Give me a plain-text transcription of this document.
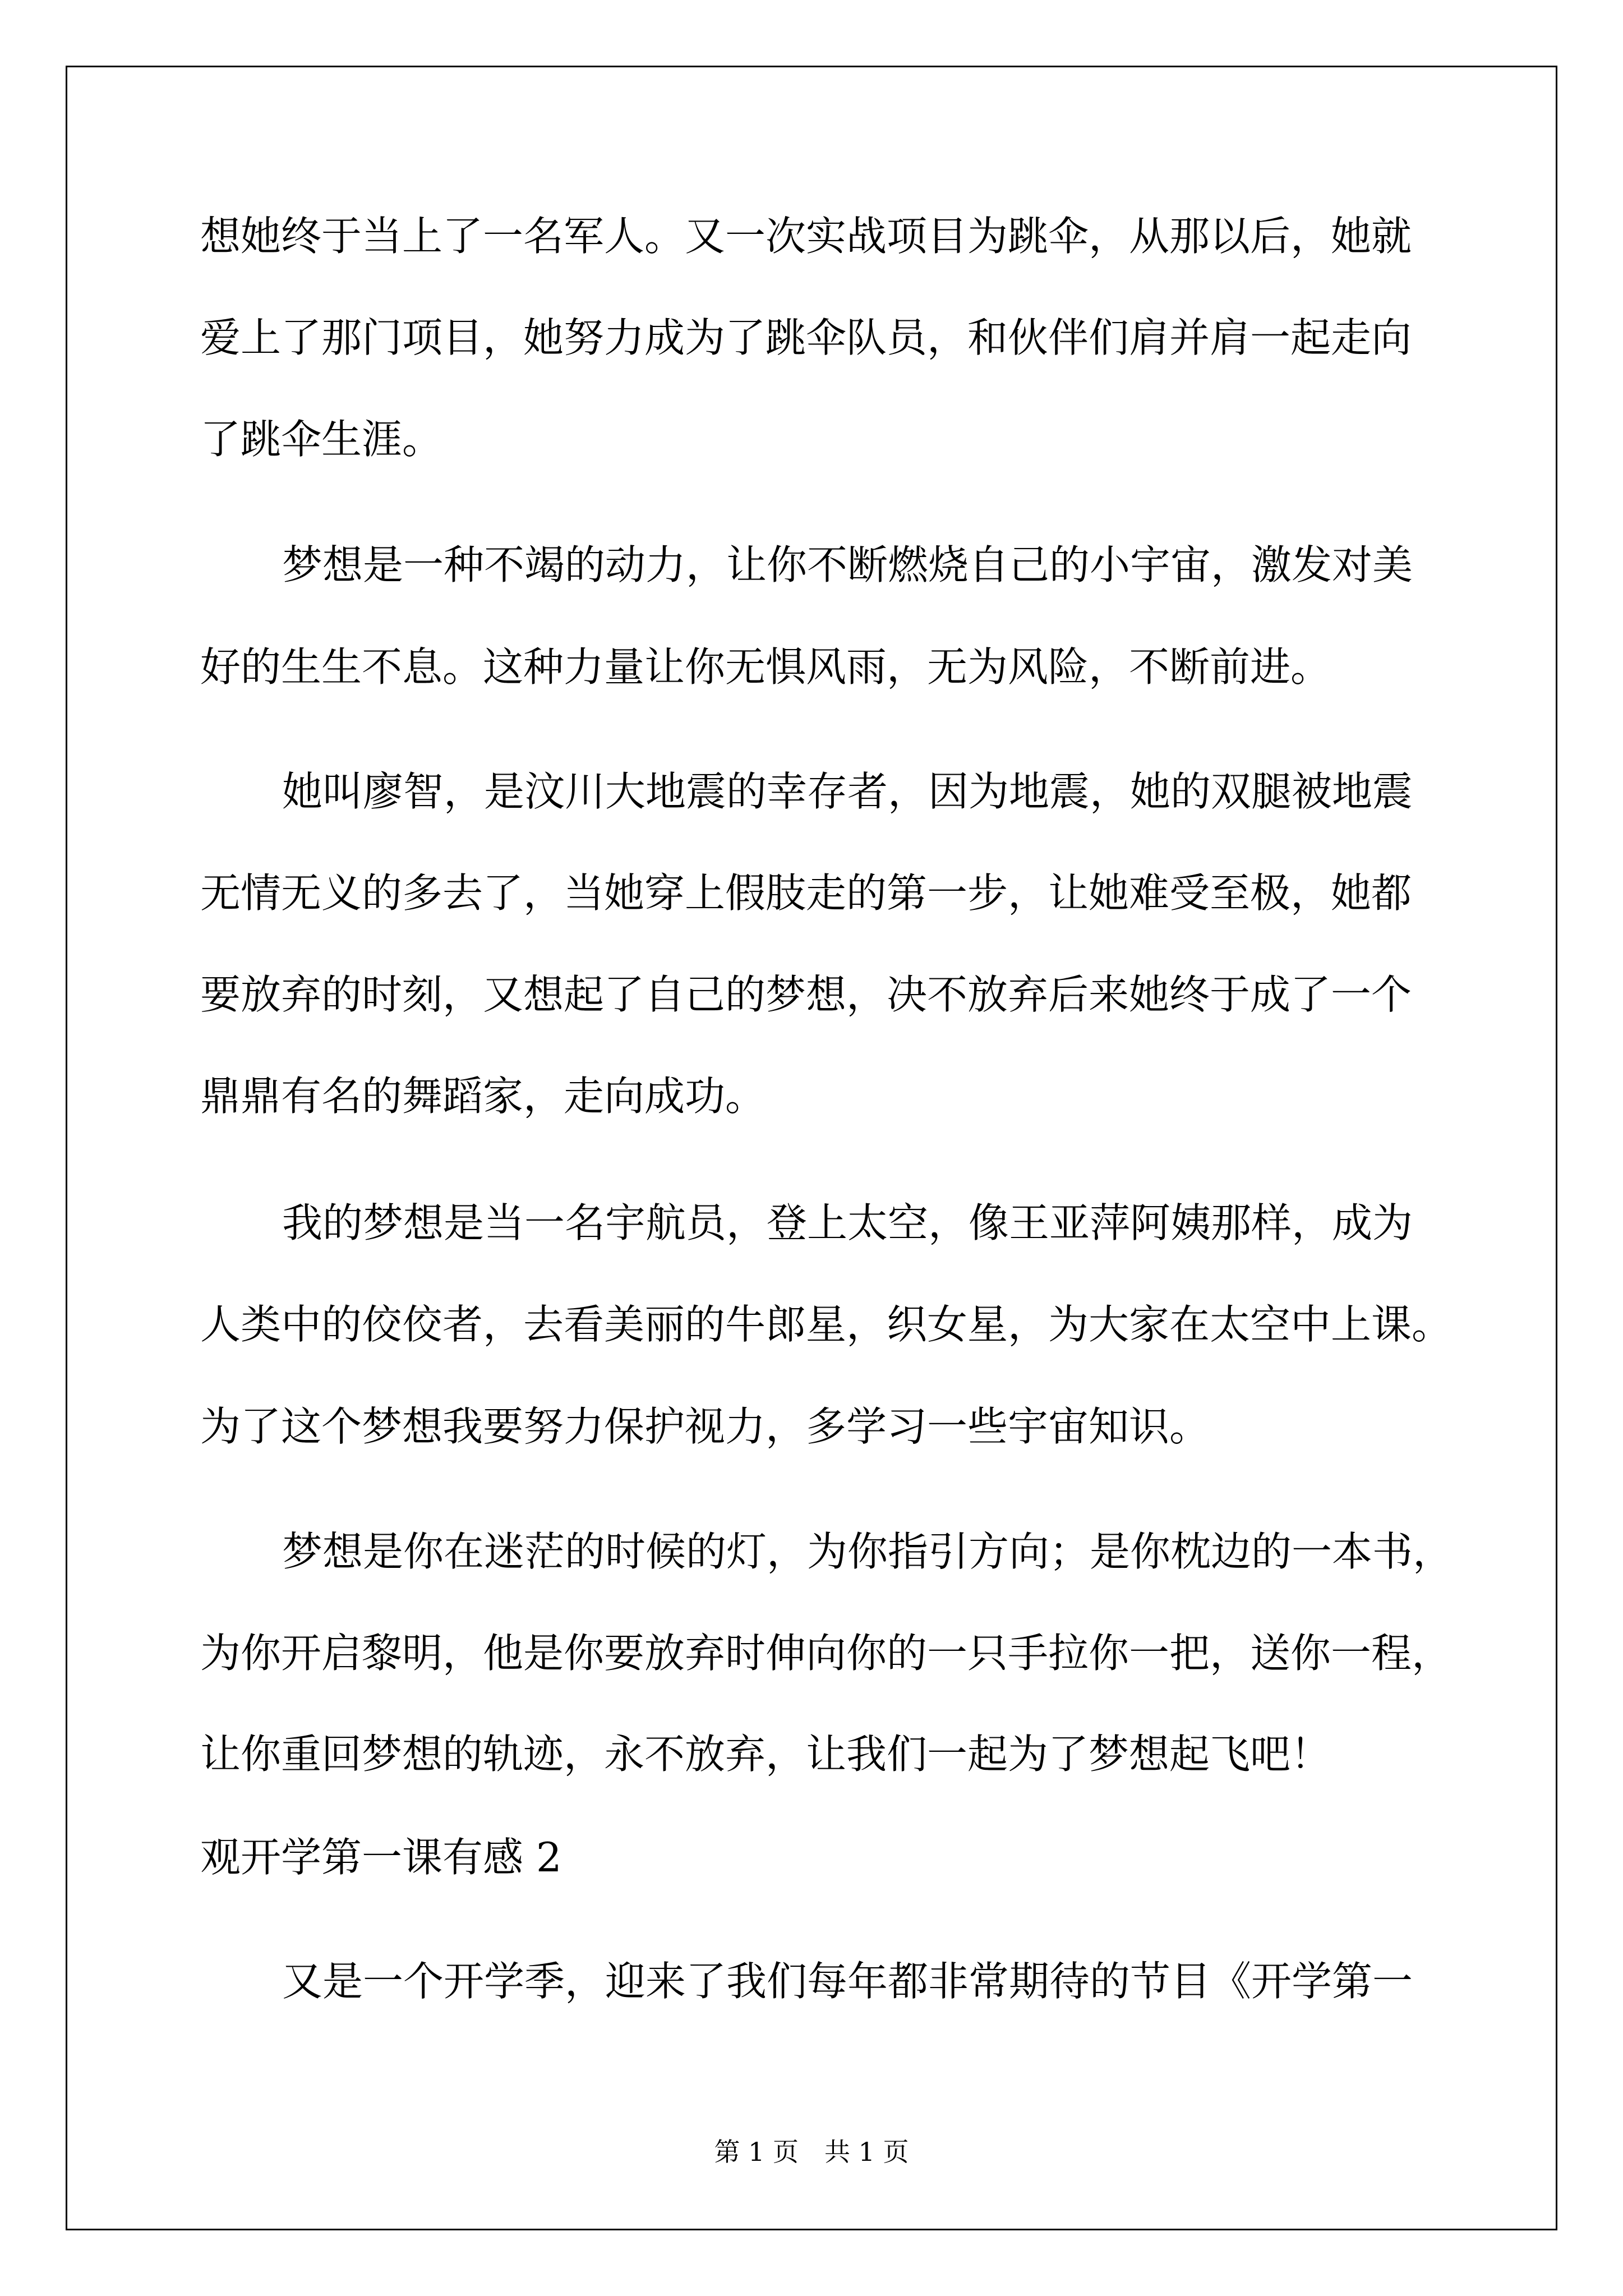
想她终于当上了一名军人。又一次实战项目为跳伞，从那以后，她就
爱上了那门项目，她努力成为了跳伞队员，和伙伴们肩并肩一起走向
了跳伞生涯。
梦想是一种不竭的动力，让你不断燃烧自己的小宇宙，激发对美
好的生生不息。这种力量让你无惧风雨，无为风险，不断前进。
她叫廖智，是汶川大地震的幸存者，因为地震，她的双腿被地震
无情无义的多去了，当她穿上假肢走的第一步，让她难受至极，她都
要放弃的时刻，又想起了自己的梦想，决不放弃后来她终于成了一个
鼎鼎有名的舞蹈家，走向成功。
我的梦想是当一名宇航员，登上太空，像王亚萍阿姨那样，成为
人类中的佼佼者，去看美丽的牛郎星，织女星，为大家在太空中上课。
为了这个梦想我要努力保护视力，多学习一些宇宙知识。
梦想是你在迷茫的时候的灯，为你指引方向；是你枕边的一本书，
为你开启黎明，他是你要放弃时伸向你的一只手拉你一把，送你一程，
让你重回梦想的轨迹，永不放弃，让我们一起为了梦想起飞吧！
观开学第一课有感 2
又是一个开学季，迎来了我们每年都非常期待的节目《开学第一
第 1 页　共 1 页
